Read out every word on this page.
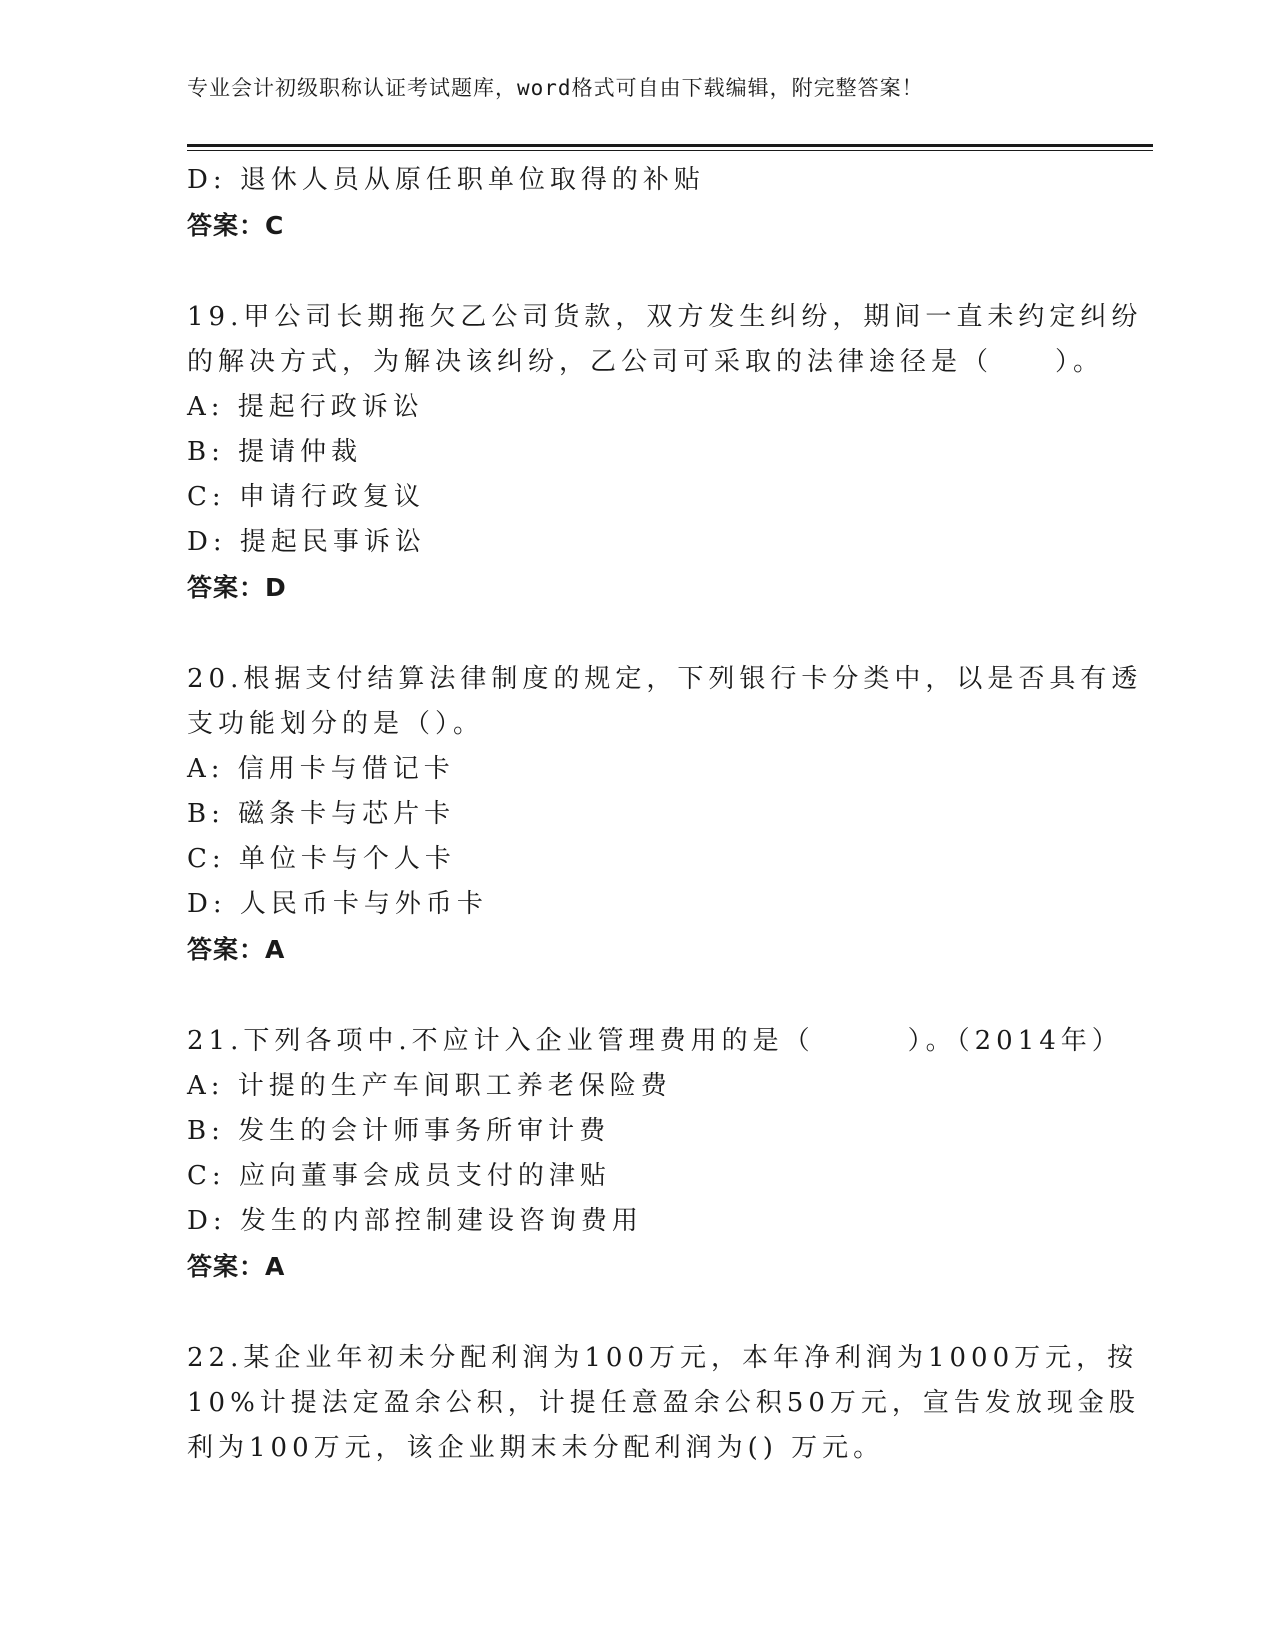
专业会计初级职称认证考试题库，word格式可自由下载编辑，附完整答案！
D: 退休人员从原任职单位取得的补贴
答案：C
19.甲公司长期拖欠乙公司货款，双方发生纠纷，期间一直未约定纠纷
的解决方式，为解决该纠纷，乙公司可采取的法律途径是（　　）。
A: 提起行政诉讼
B: 提请仲裁
C: 申请行政复议
D: 提起民事诉讼
答案：D
20.根据支付结算法律制度的规定，下列银行卡分类中，以是否具有透
支功能划分的是（）。
A: 信用卡与借记卡
B: 磁条卡与芯片卡
C: 单位卡与个人卡
D: 人民币卡与外币卡
答案：A
21.下列各项中.不应计入企业管理费用的是（　　　）。（2014年）
A: 计提的生产车间职工养老保险费
B: 发生的会计师事务所审计费
C: 应向董事会成员支付的津贴
D: 发生的内部控制建设咨询费用
答案：A
22.某企业年初未分配利润为100万元，本年净利润为1000万元，按
10%计提法定盈余公积，计提任意盈余公积50万元，宣告发放现金股
利为100万元，该企业期末未分配利润为() 万元。
